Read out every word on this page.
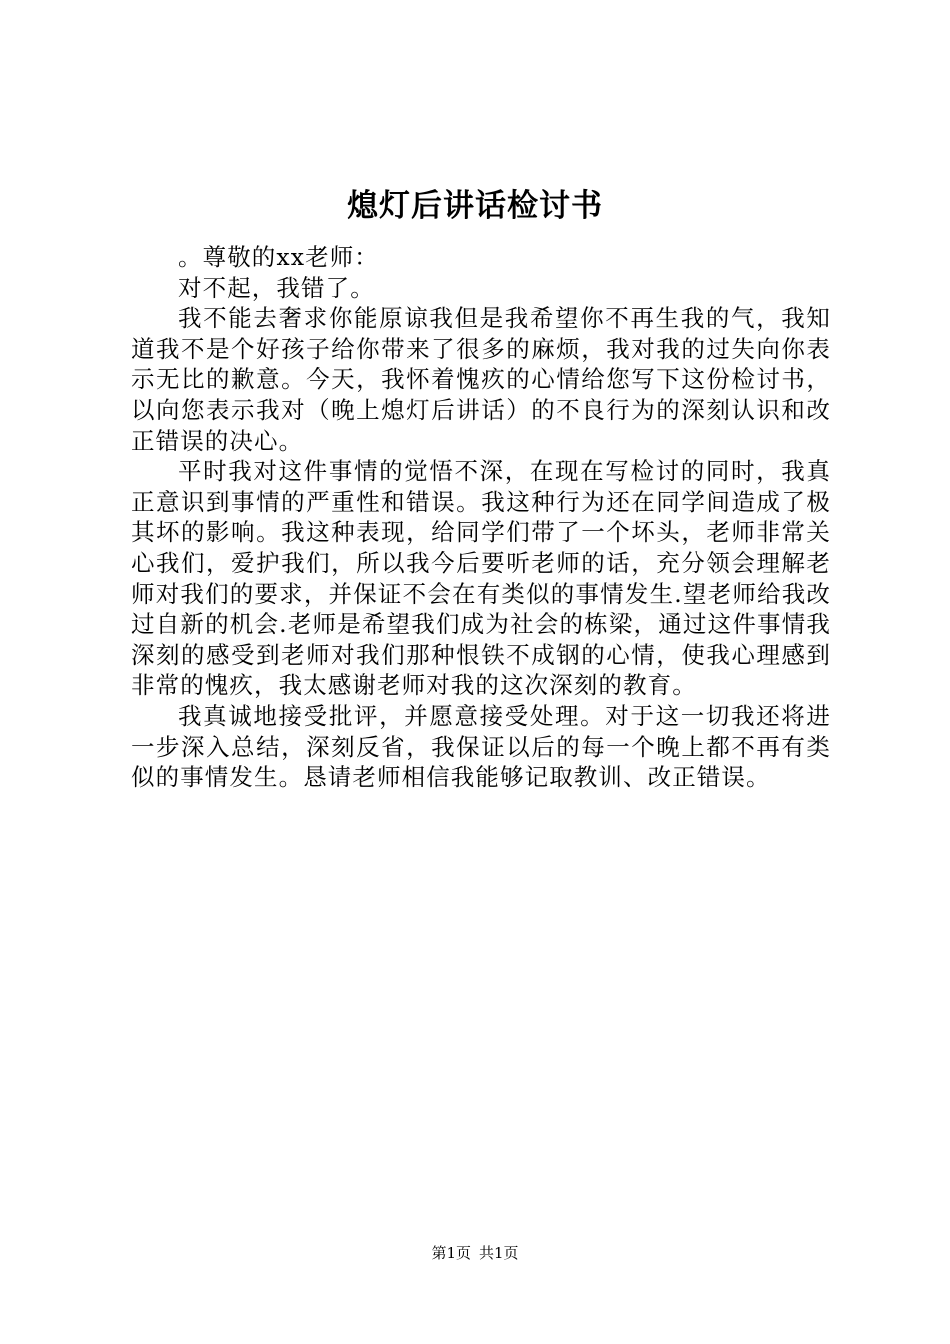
熄灯后讲话检讨书

。尊敬的xx老师：

对不起，我错了。

我不能去奢求你能原谅我但是我希望你不再生我的气，我知道我不是个好孩子给你带来了很多的麻烦，我对我的过失向你表示无比的歉意。今天，我怀着愧疚的心情给您写下这份检讨书，以向您表示我对（晚上熄灯后讲话）的不良行为的深刻认识和改正错误的决心。

平时我对这件事情的觉悟不深，在现在写检讨的同时，我真正意识到事情的严重性和错误。我这种行为还在同学间造成了极其坏的影响。我这种表现，给同学们带了一个坏头，老师非常关心我们，爱护我们，所以我今后要听老师的话，充分领会理解老师对我们的要求，并保证不会在有类似的事情发生.望老师给我改过自新的机会.老师是希望我们成为社会的栋梁，通过这件事情我深刻的感受到老师对我们那种恨铁不成钢的心情，使我心理感到非常的愧疚，我太感谢老师对我的这次深刻的教育。

我真诚地接受批评，并愿意接受处理。对于这一切我还将进一步深入总结，深刻反省，我保证以后的每一个晚上都不再有类似的事情发生。恳请老师相信我能够记取教训、改正错误。

第1页 共1页
